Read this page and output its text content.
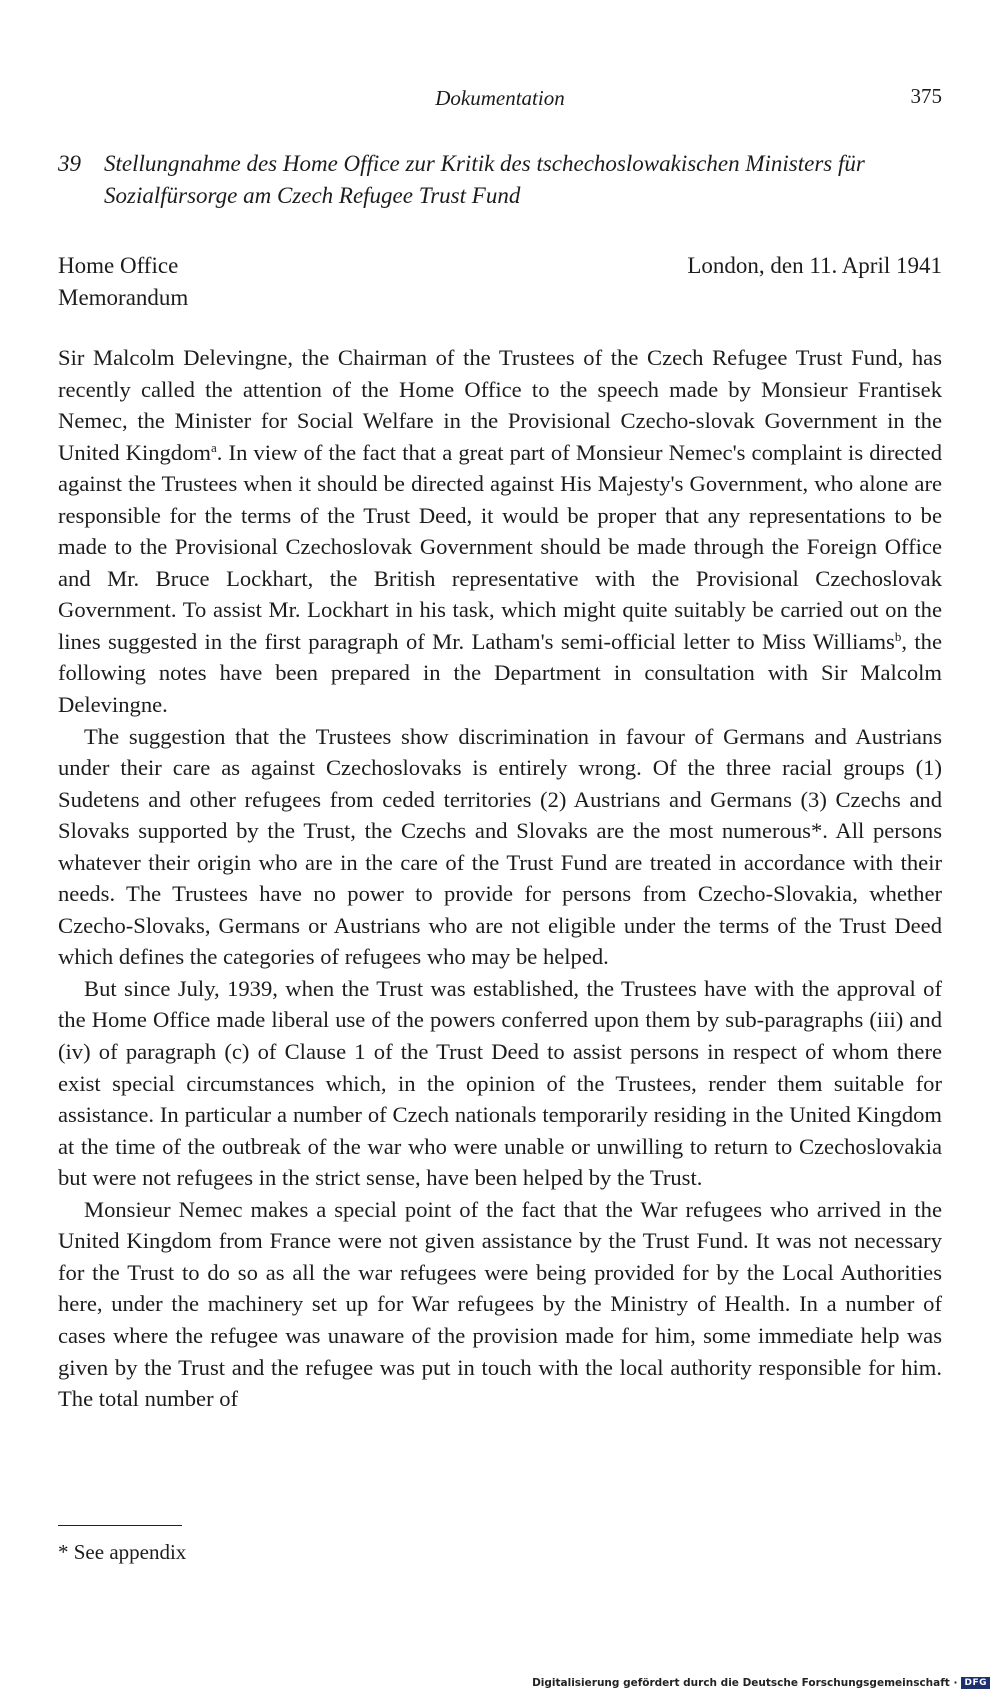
Dokumentation	375
39	Stellungnahme des Home Office zur Kritik des tschechoslowakischen Ministers für Sozialfürsorge am Czech Refugee Trust Fund
Home Office
Memorandum
London, den 11. April 1941

Sir Malcolm Delevingne, the Chairman of the Trustees of the Czech Refugee Trust Fund, has recently called the attention of the Home Office to the speech made by Monsieur Frantisek Nemec, the Minister for Social Welfare in the Provisional Czecho-slovak Government in the United Kingdom$^a$. In view of the fact that a great part of Monsieur Nemec's complaint is directed against the Trustees when it should be directed against His Majesty's Government, who alone are responsible for the terms of the Trust Deed, it would be proper that any representations to be made to the Provisional Czechoslovak Government should be made through the Foreign Office and Mr. Bruce Lockhart, the British representative with the Provisional Czechoslovak Government. To assist Mr. Lockhart in his task, which might quite suitably be carried out on the lines suggested in the first paragraph of Mr. Latham's semi-official letter to Miss Williams$^b$, the following notes have been prepared in the Department in consultation with Sir Malcolm Delevingne.

The suggestion that the Trustees show discrimination in favour of Germans and Austrians under their care as against Czechoslovaks is entirely wrong. Of the three racial groups (1) Sudetens and other refugees from ceded territories (2) Austrians and Germans (3) Czechs and Slovaks supported by the Trust, the Czechs and Slovaks are the most numerous*. All persons whatever their origin who are in the care of the Trust Fund are treated in accordance with their needs. The Trustees have no power to provide for persons from Czecho-Slovakia, whether Czecho-Slovaks, Germans or Austrians who are not eligible under the terms of the Trust Deed which defines the categories of refugees who may be helped.

But since July, 1939, when the Trust was established, the Trustees have with the approval of the Home Office made liberal use of the powers conferred upon them by sub-paragraphs (iii) and (iv) of paragraph (c) of Clause 1 of the Trust Deed to assist persons in respect of whom there exist special circumstances which, in the opinion of the Trustees, render them suitable for assistance. In particular a number of Czech nationals temporarily residing in the United Kingdom at the time of the outbreak of the war who were unable or unwilling to return to Czechoslovakia but were not refugees in the strict sense, have been helped by the Trust.

Monsieur Nemec makes a special point of the fact that the War refugees who arrived in the United Kingdom from France were not given assistance by the Trust Fund. It was not necessary for the Trust to do so as all the war refugees were being provided for by the Local Authorities here, under the machinery set up for War refugees by the Ministry of Health. In a number of cases where the refugee was unaware of the provision made for him, some immediate help was given by the Trust and the refugee was put in touch with the local authority responsible for him. The total number of

* See appendix
Digitalisierung gefördert durch die Deutsche Forschungsgemeinschaft · DFG
